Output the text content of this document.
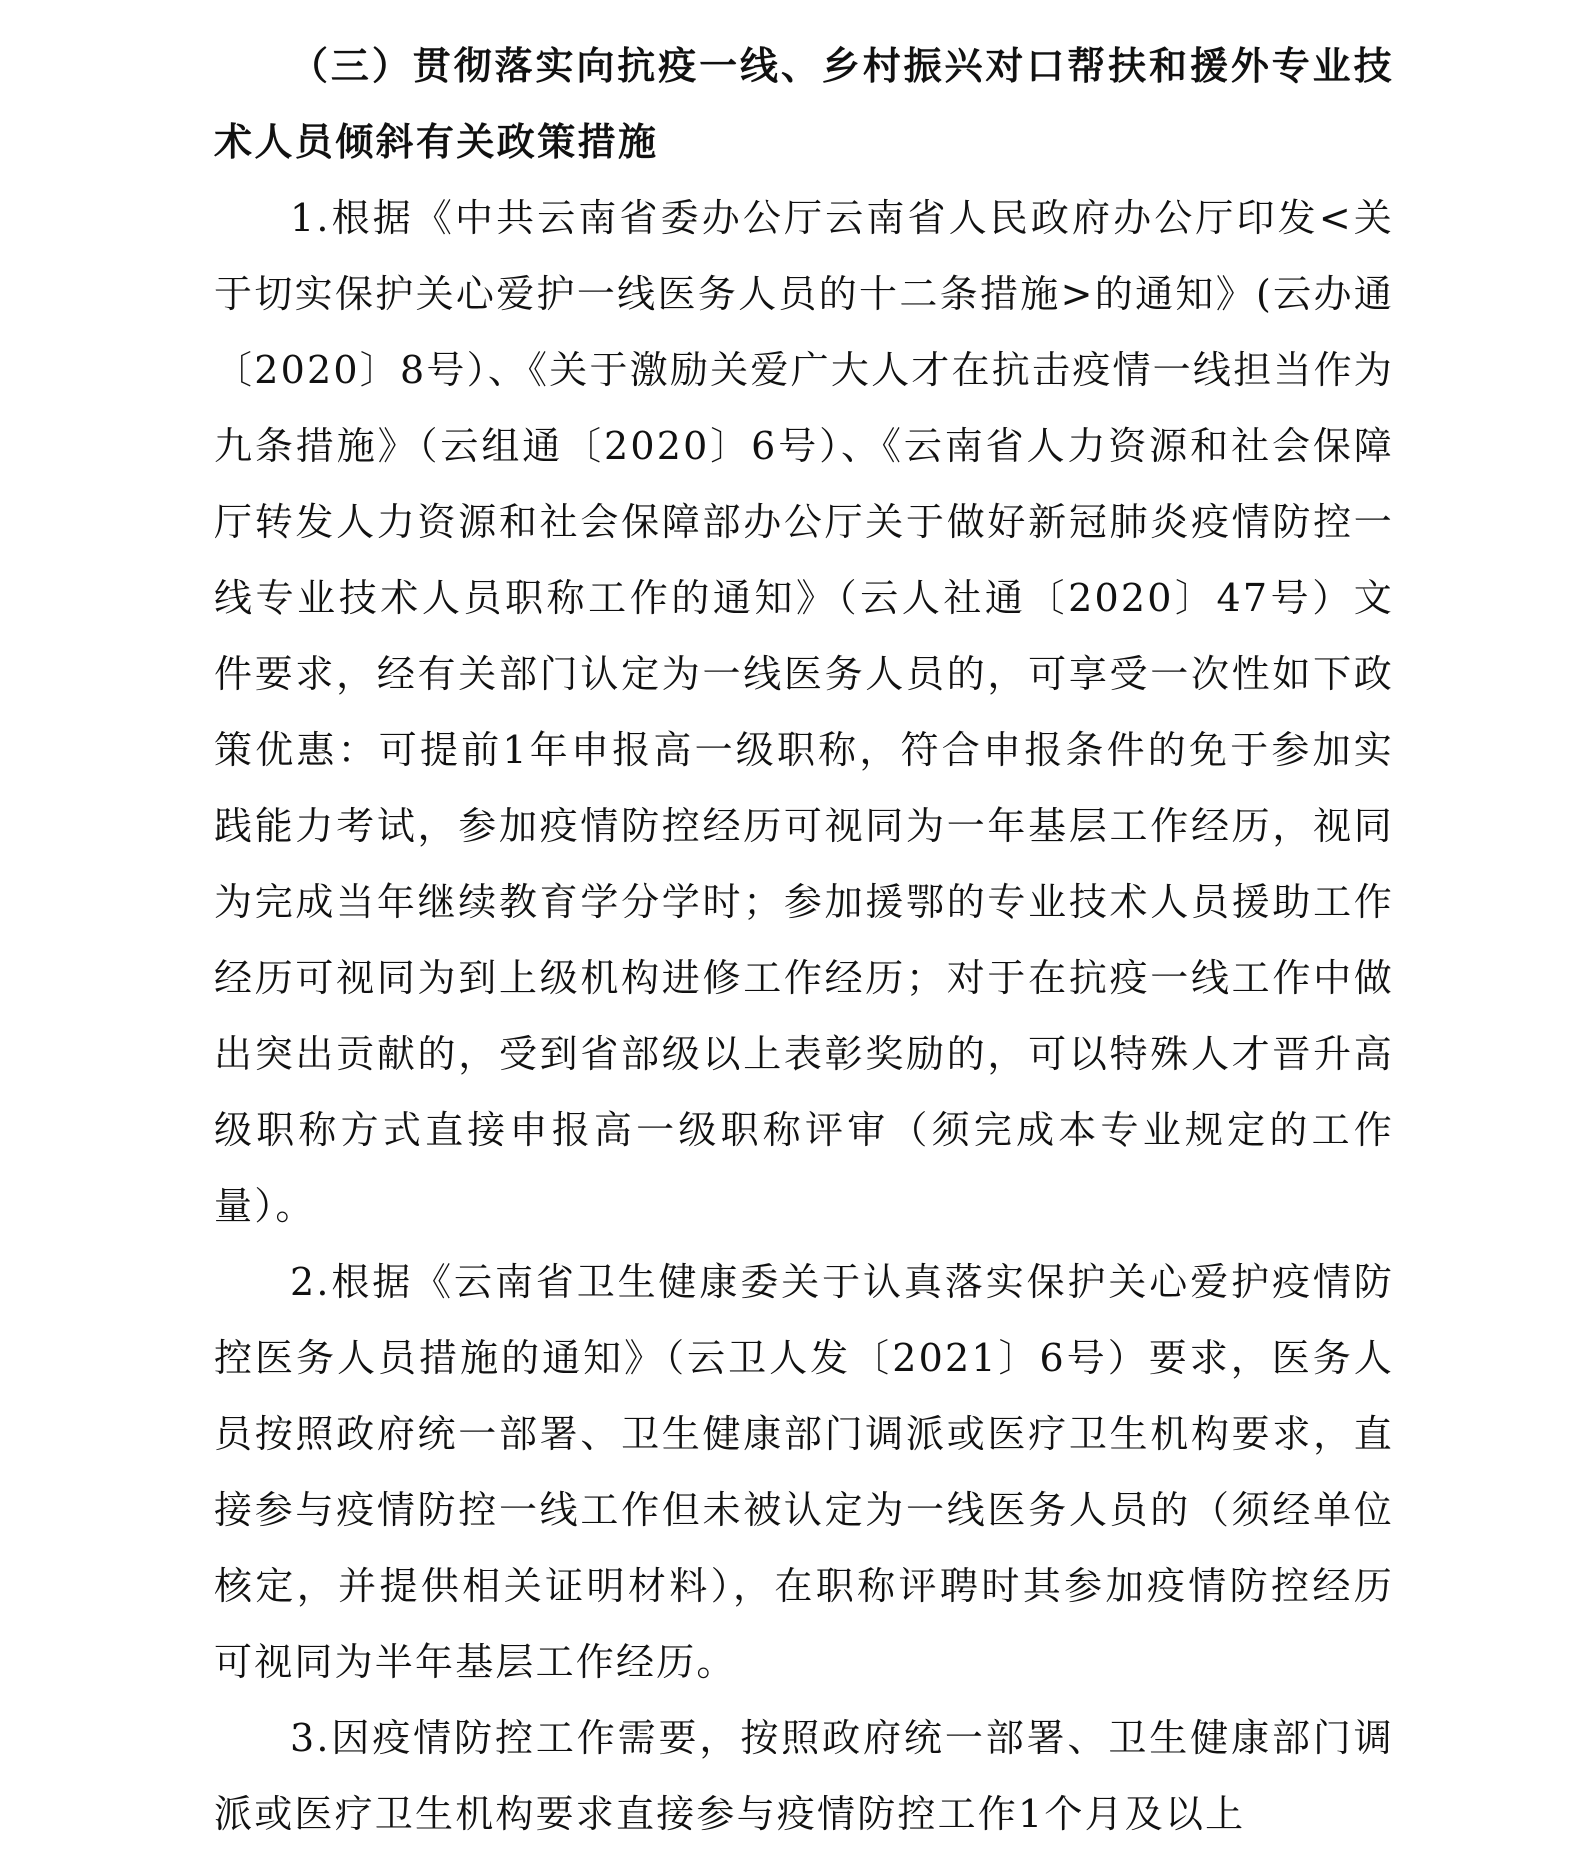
（三）贯彻落实向抗疫一线、乡村振兴对口帮扶和援外专业技术人员倾斜有关政策措施

1.根据《中共云南省委办公厅云南省人民政府办公厅印发<关于切实保护关心爱护一线医务人员的十二条措施>的通知》(云办通〔2020〕8号）、《关于激励关爱广大人才在抗击疫情一线担当作为九条措施》（云组通〔2020〕6号）、《云南省人力资源和社会保障厅转发人力资源和社会保障部办公厅关于做好新冠肺炎疫情防控一线专业技术人员职称工作的通知》（云人社通〔2020〕47号）文件要求，经有关部门认定为一线医务人员的，可享受一次性如下政策优惠：可提前1年申报高一级职称，符合申报条件的免于参加实践能力考试，参加疫情防控经历可视同为一年基层工作经历，视同为完成当年继续教育学分学时；参加援鄂的专业技术人员援助工作经历可视同为到上级机构进修工作经历；对于在抗疫一线工作中做出突出贡献的，受到省部级以上表彰奖励的，可以特殊人才晋升高级职称方式直接申报高一级职称评审（须完成本专业规定的工作量）。

2.根据《云南省卫生健康委关于认真落实保护关心爱护疫情防控医务人员措施的通知》（云卫人发〔2021〕6号）要求，医务人员按照政府统一部署、卫生健康部门调派或医疗卫生机构要求，直接参与疫情防控一线工作但未被认定为一线医务人员的（须经单位核定，并提供相关证明材料），在职称评聘时其参加疫情防控经历可视同为半年基层工作经历。

3.因疫情防控工作需要，按照政府统一部署、卫生健康部门调派或医疗卫生机构要求直接参与疫情防控工作1个月及以上
